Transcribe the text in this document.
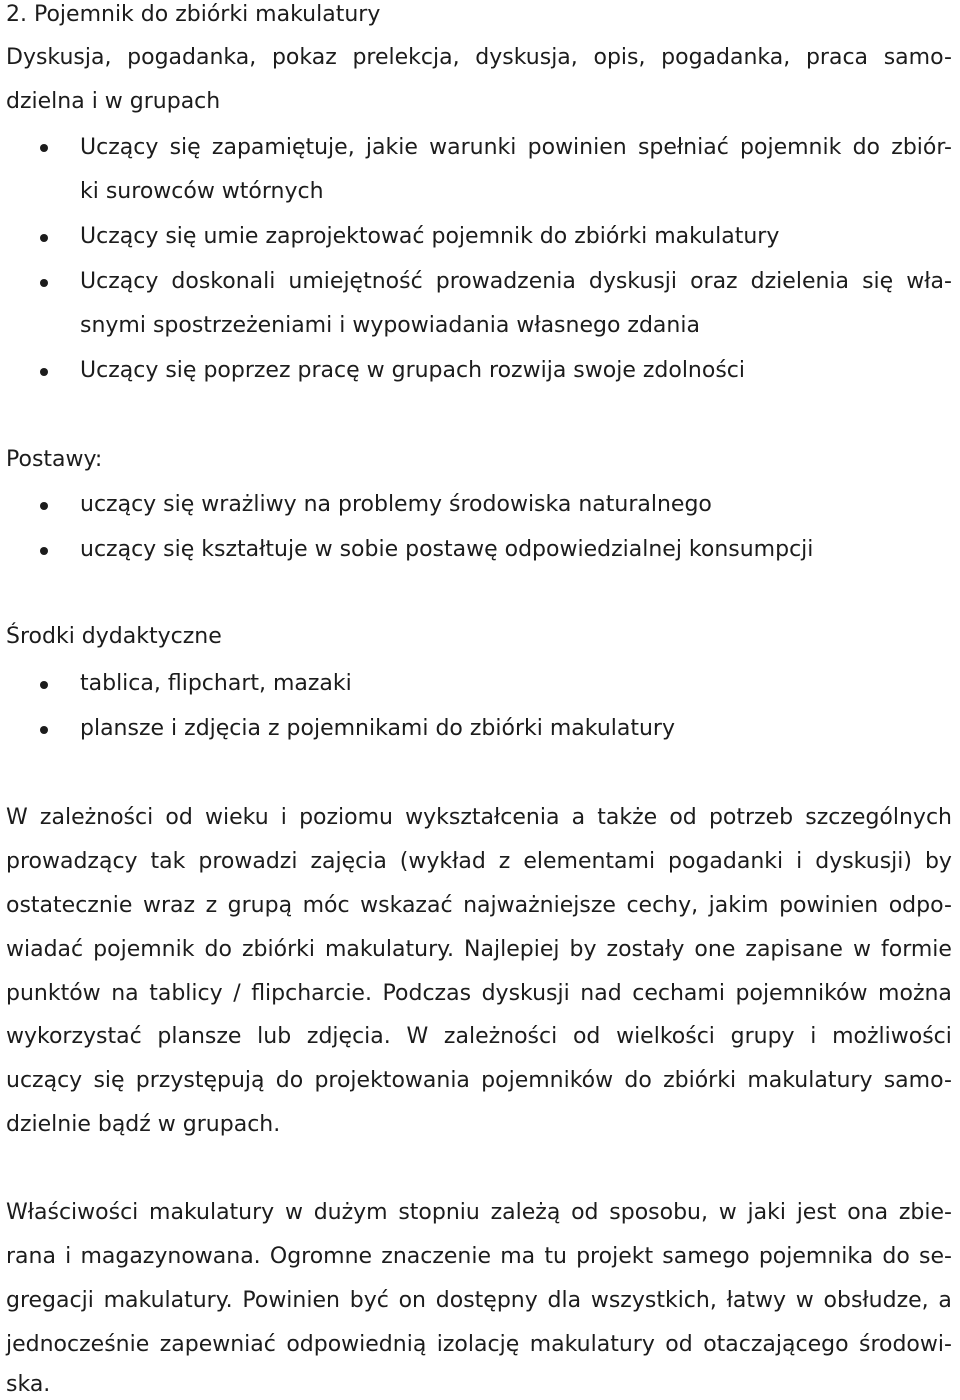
2. Pojemnik do zbiórki makulatury
Dyskusja, pogadanka, pokaz prelekcja, dyskusja, opis, pogadanka, praca samo-
dzielna i w grupach
Uczący się zapamiętuje, jakie warunki powinien spełniać pojemnik do zbiór-
ki surowców wtórnych
Uczący się umie zaprojektować pojemnik do zbiórki makulatury
Uczący doskonali umiejętność prowadzenia dyskusji oraz dzielenia się wła-
snymi spostrzeżeniami i wypowiadania własnego zdania
Uczący się poprzez pracę w grupach rozwija swoje zdolności
Postawy:
uczący się wrażliwy na problemy środowiska naturalnego
uczący się kształtuje w sobie postawę odpowiedzialnej konsumpcji
Środki dydaktyczne
tablica, flipchart, mazaki
plansze i zdjęcia z pojemnikami do zbiórki makulatury
W zależności od wieku i poziomu wykształcenia a także od potrzeb szczególnych
prowadzący tak prowadzi zajęcia (wykład z elementami pogadanki i dyskusji) by
ostatecznie wraz z grupą móc wskazać najważniejsze cechy, jakim powinien odpo-
wiadać pojemnik do zbiórki makulatury. Najlepiej by zostały one zapisane w formie
punktów na tablicy / flipcharcie. Podczas dyskusji nad cechami pojemników można
wykorzystać plansze lub zdjęcia. W zależności od wielkości grupy i możliwości
uczący się przystępują do projektowania pojemników do zbiórki makulatury samo-
dzielnie bądź w grupach.
Właściwości makulatury w dużym stopniu zależą od sposobu, w jaki jest ona zbie-
rana i magazynowana. Ogromne znaczenie ma tu projekt samego pojemnika do se-
gregacji makulatury. Powinien być on dostępny dla wszystkich, łatwy w obsłudze, a
jednocześnie zapewniać odpowiednią izolację makulatury od otaczającego środowi-
ska.
